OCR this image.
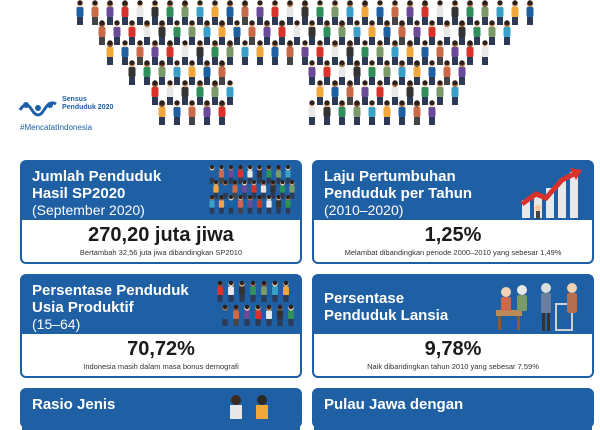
Sensus Penduduk 2020
#MencatatIndonesia
Jumlah Penduduk
Hasil SP2020
(September 2020)
270,20 juta jiwa
Bertambah 32,56 juta jiwa dibandingkan SP2010
Laju Pertumbuhan
Penduduk per Tahun
(2010–2020)
1,25%
Melambat dibandingkan periode 2000–2010 yang sebesar 1,49%
Persentase Penduduk
Usia Produktif
(15–64)
70,72%
Indonesia masih dalam masa bonus demografi
Persentase
Penduduk Lansia
9,78%
Naik dibandingkan tahun 2010 yang sebesar 7,59%
Rasio Jenis	Pulau Jawa dengan
